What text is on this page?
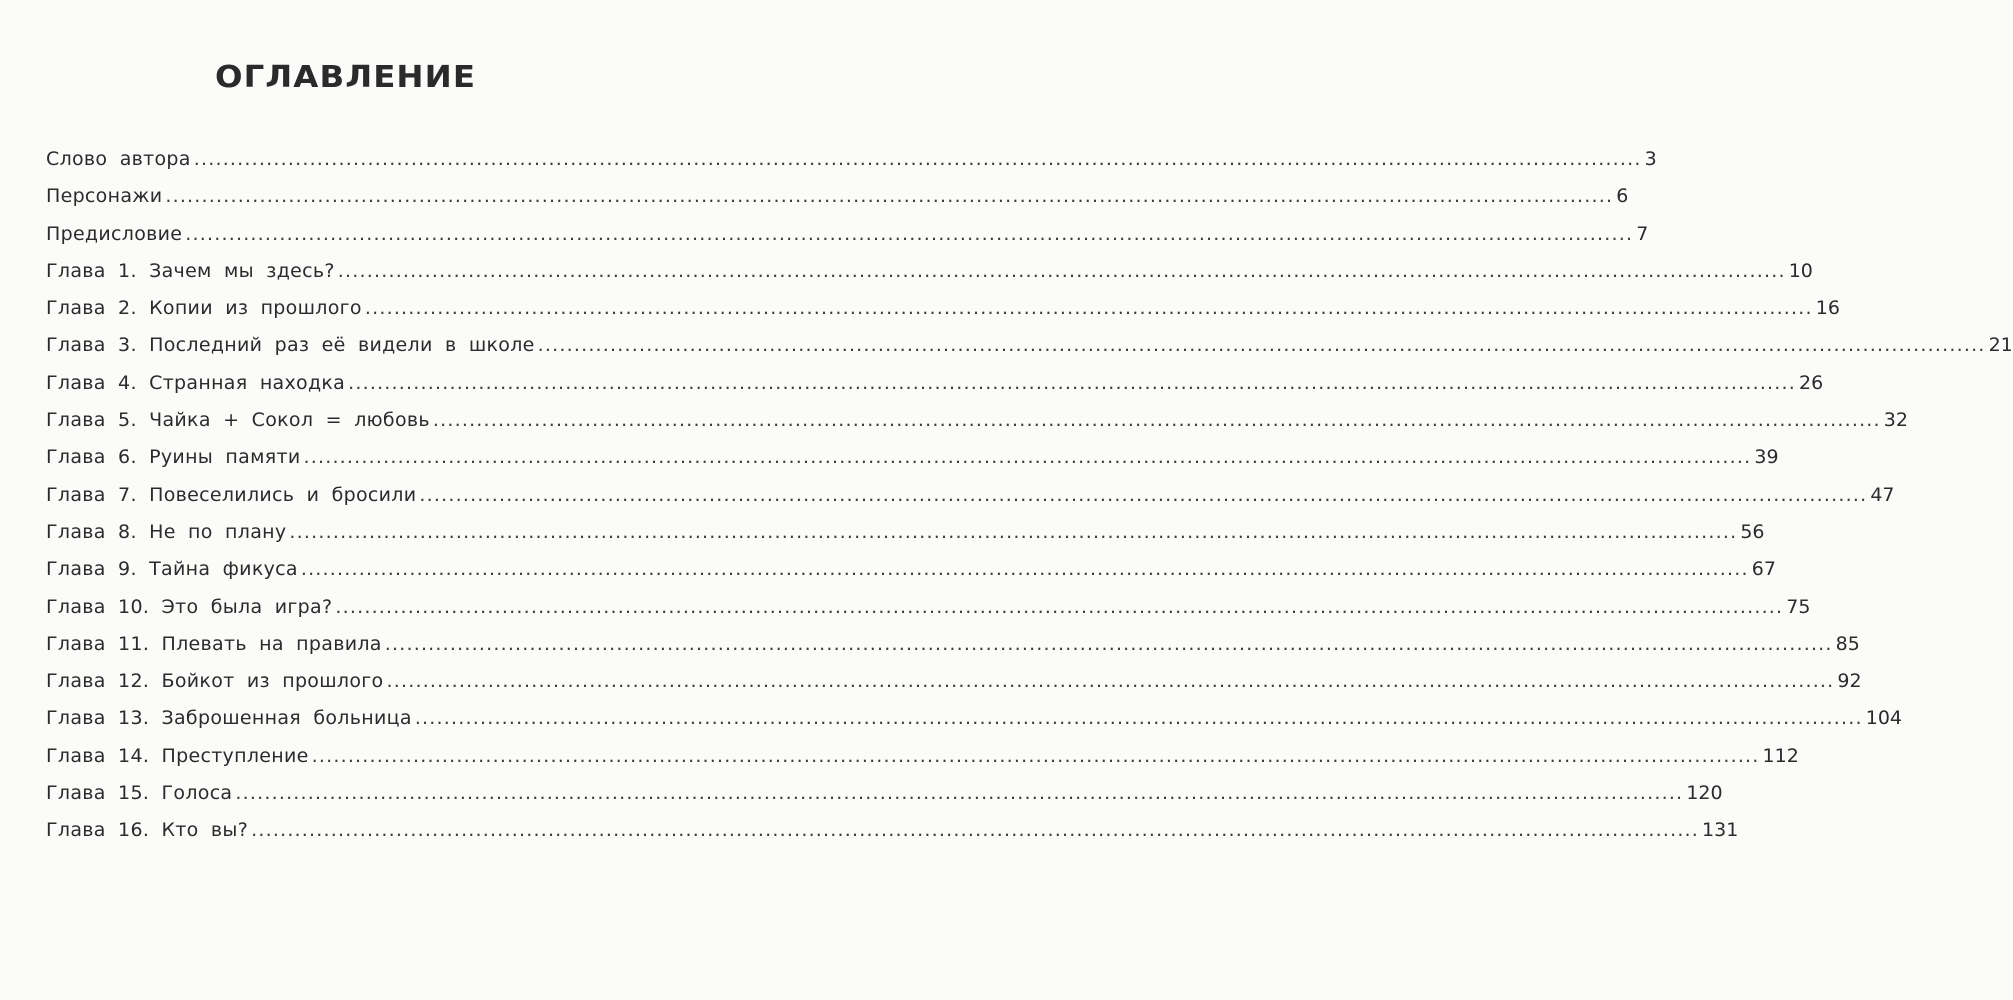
ОГЛАВЛЕНИЕ
Слово автора ........................................................................................................................................................................................................ 3
Персонажи ........................................................................................................................................................................................................ 6
Предисловие ........................................................................................................................................................................................................ 7
Глава 1. Зачем мы здесь? ........................................................................................................................................................................................................ 10
Глава 2. Копии из прошлого ........................................................................................................................................................................................................ 16
Глава 3. Последний раз её видели в школе ........................................................................................................................................................................................................ 21
Глава 4. Странная находка ........................................................................................................................................................................................................ 26
Глава 5. Чайка + Сокол = любовь ........................................................................................................................................................................................................ 32
Глава 6. Руины памяти ........................................................................................................................................................................................................ 39
Глава 7. Повеселились и бросили ........................................................................................................................................................................................................ 47
Глава 8. Не по плану ........................................................................................................................................................................................................ 56
Глава 9. Тайна фикуса ........................................................................................................................................................................................................ 67
Глава 10. Это была игра? ........................................................................................................................................................................................................ 75
Глава 11. Плевать на правила ........................................................................................................................................................................................................ 85
Глава 12. Бойкот из прошлого ........................................................................................................................................................................................................ 92
Глава 13. Заброшенная больница ........................................................................................................................................................................................................ 104
Глава 14. Преступление ........................................................................................................................................................................................................ 112
Глава 15. Голоса ........................................................................................................................................................................................................ 120
Глава 16. Кто вы? ........................................................................................................................................................................................................ 131
